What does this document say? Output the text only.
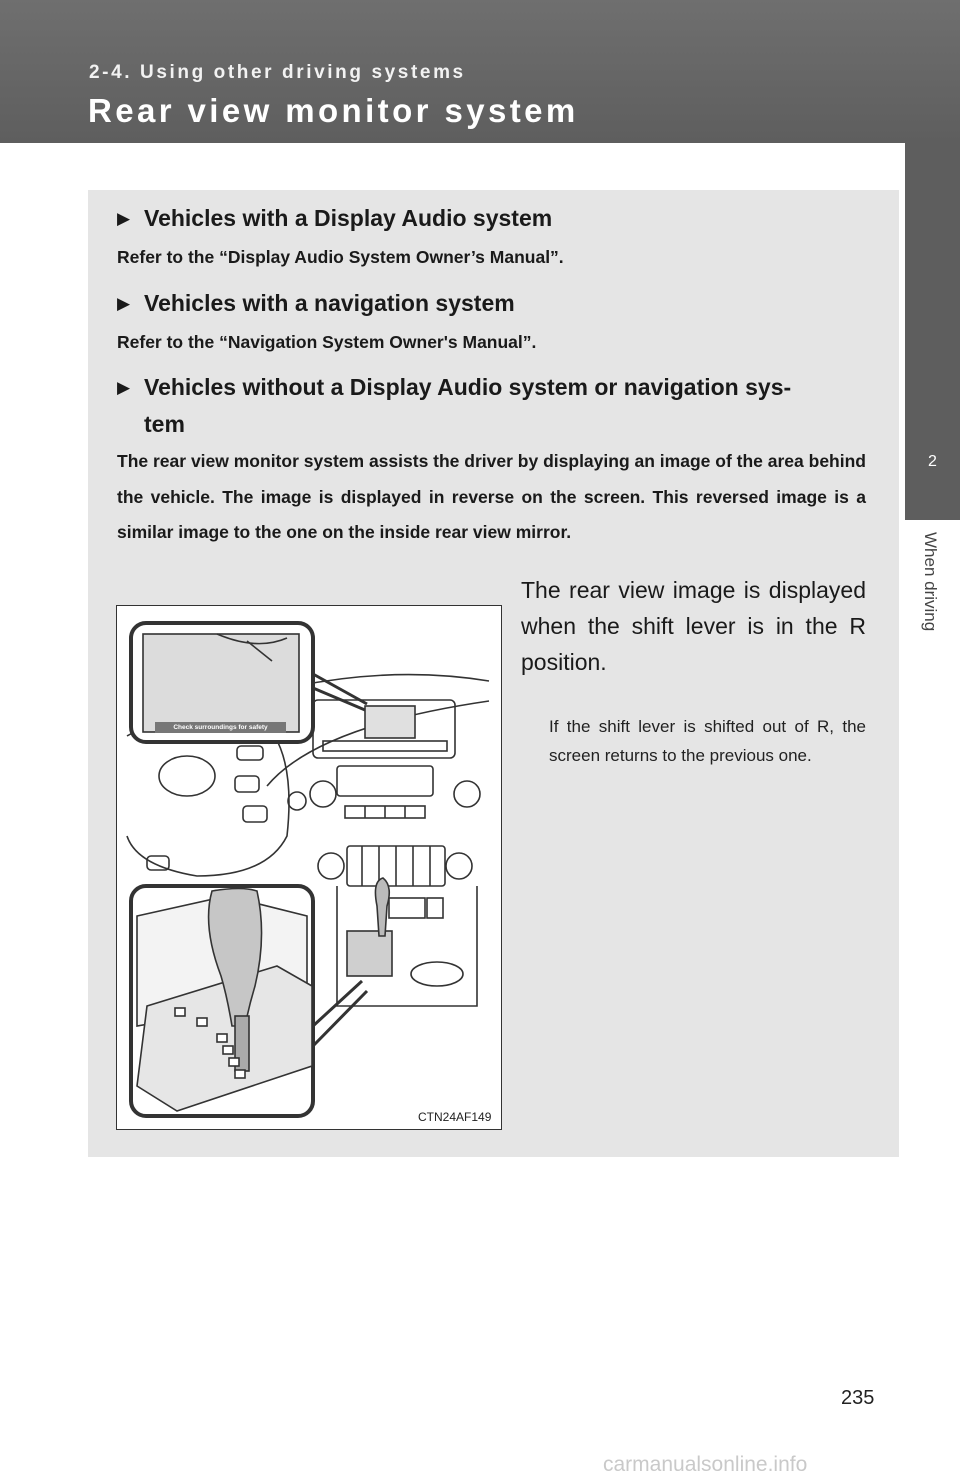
2-4. Using other driving systems
Rear view monitor system
2
When driving
▶ Vehicles with a Display Audio system
Refer to the “Display Audio System Owner’s Manual”.
▶ Vehicles with a navigation system
Refer to the “Navigation System Owner's Manual”.
▶ Vehicles without a Display Audio system or navigation sys-
tem
The rear view monitor system assists the driver by displaying an image of the area behind the vehicle. The image is displayed in reverse on the screen. This reversed image is a similar image to the one on the inside rear view mirror.
The rear view image is displayed when the shift lever is in the R position.
If the shift lever is shifted out of R, the screen returns to the previous one.
Check surroundings for safety
CTN24AF149
235
carmanualsonline.info
